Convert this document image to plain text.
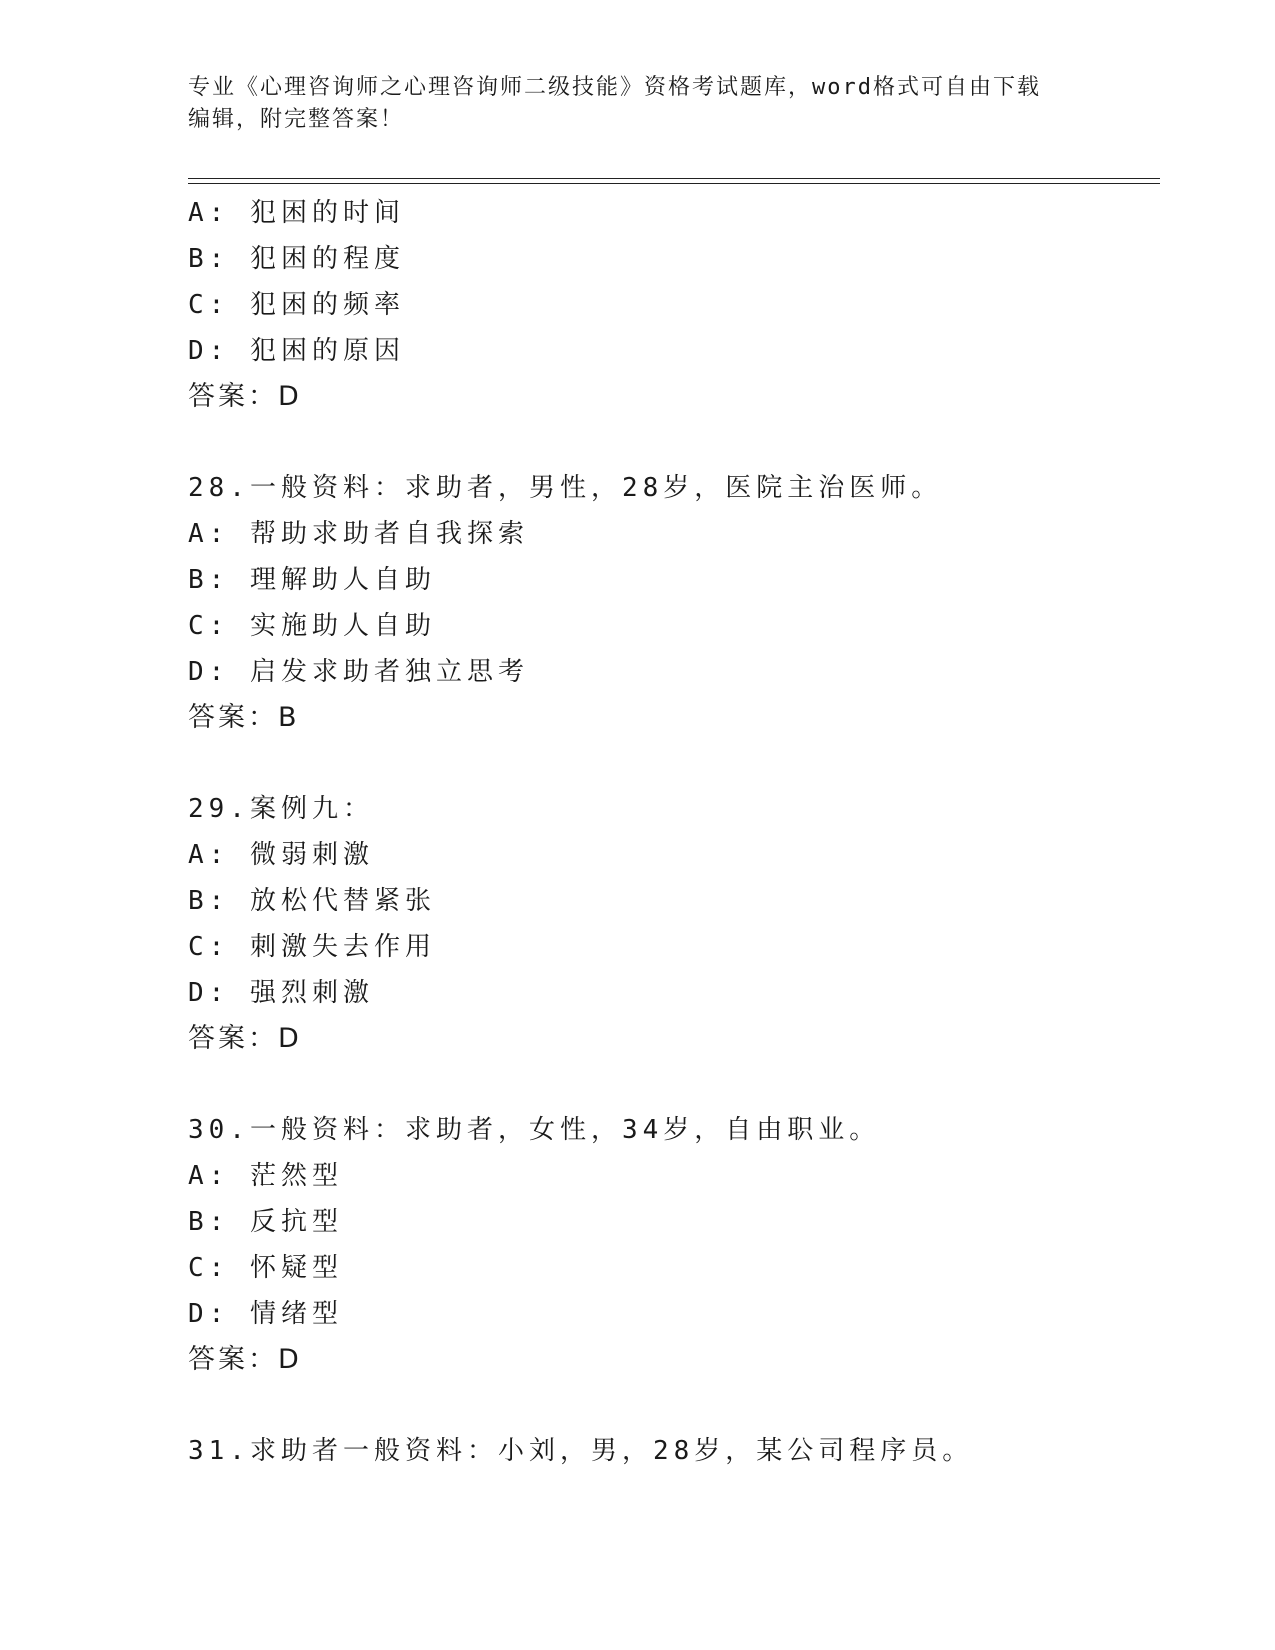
专业《心理咨询师之心理咨询师二级技能》资格考试题库，word格式可自由下载
编辑，附完整答案！
A: 犯困的时间
B: 犯困的程度
C: 犯困的频率
D: 犯困的原因
答案：D
28.一般资料：求助者，男性，28岁，医院主治医师。
A: 帮助求助者自我探索
B: 理解助人自助
C: 实施助人自助
D: 启发求助者独立思考
答案：B
29.案例九：
A: 微弱刺激
B: 放松代替紧张
C: 刺激失去作用
D: 强烈刺激
答案：D
30.一般资料：求助者，女性，34岁，自由职业。
A: 茫然型
B: 反抗型
C: 怀疑型
D: 情绪型
答案：D
31.求助者一般资料：小刘，男，28岁，某公司程序员。
